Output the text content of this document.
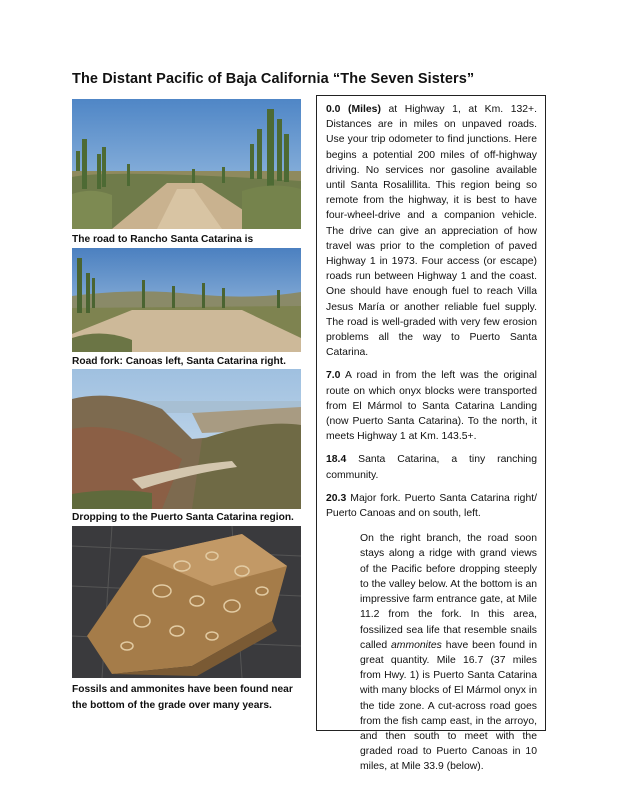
The Distant Pacific of Baja California “The Seven Sisters”
The road to Rancho Santa Catarina is
Road fork: Canoas left, Santa Catarina right.
Dropping to the Puerto Santa Catarina region.
Fossils and ammonites have been found near the bottom of the grade over many years.

0.0 (Miles) at Highway 1, at Km. 132+. Distances are in miles on unpaved roads. Use your trip odometer to find junctions. Here begins a potential 200 miles of off-highway driving. No services nor gasoline available until Santa Rosalillita. This region being so remote from the highway, it is best to have four-wheel-drive and a companion vehicle. The drive can give an appreciation of how travel was prior to the completion of paved Highway 1 in 1973. Four access (or escape) roads run between Highway 1 and the coast. One should have enough fuel to reach Villa Jesus María or another reliable fuel supply. The road is well-graded with very few erosion problems all the way to Puerto Santa Catarina.

7.0 A road in from the left was the original route on which onyx blocks were transported from El Mármol to Santa Catarina Landing (now Puerto Santa Catarina). To the north, it meets Highway 1 at Km. 143.5+.

18.4 Santa Catarina, a tiny ranching community.

20.3 Major fork. Puerto Santa Catarina right/ Puerto Canoas and on south, left.

On the right branch, the road soon stays along a ridge with grand views of the Pacific before dropping steeply to the valley below. At the bottom is an impressive farm entrance gate, at Mile 11.2 from the fork. In this area, fossilized sea life that resemble snails called ammonites have been found in great quantity. Mile 16.7 (37 miles from Hwy. 1) is Puerto Santa Catarina with many blocks of El Mármol onyx in the tide zone. A cut-across road goes from the fish camp east, in the arroyo, and then south to meet with the graded road to Puerto Canoas in 10 miles, at Mile 33.9 (below).
